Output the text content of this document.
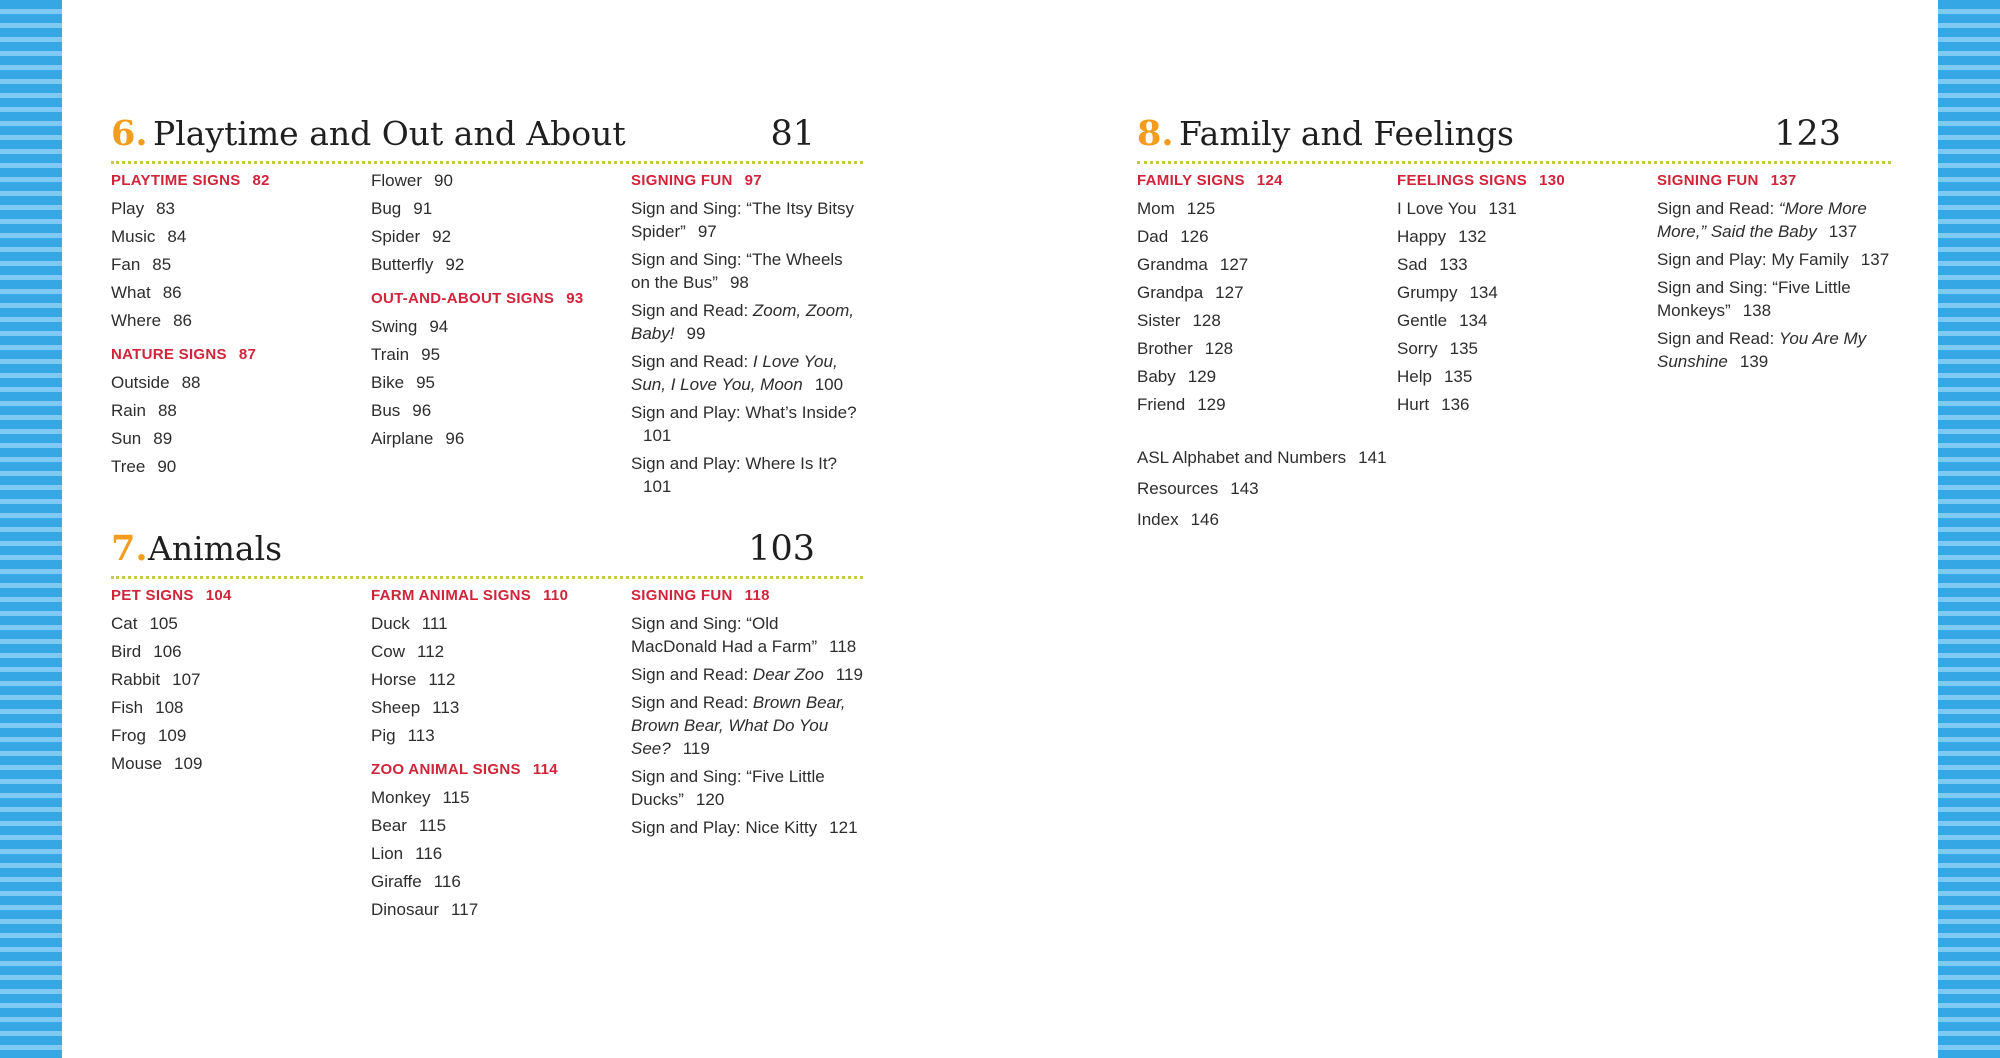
6. Playtime and Out and About	81
PLAYTIME SIGNS 82
Play 83
Music 84
Fan 85
What 86
Where 86
NATURE SIGNS 87
Outside 88
Rain 88
Sun 89
Tree 90
Flower 90
Bug 91
Spider 92
Butterfly 92
OUT-AND-ABOUT SIGNS 93
Swing 94
Train 95
Bike 95
Bus 96
Airplane 96
SIGNING FUN 97
Sign and Sing: “The Itsy Bitsy Spider” 97
Sign and Sing: “The Wheels on the Bus” 98
Sign and Read: Zoom, Zoom, Baby! 99
Sign and Read: I Love You, Sun, I Love You, Moon 100
Sign and Play: What’s Inside?101
Sign and Play: Where Is It?101
7. Animals	103
PET SIGNS 104
Cat 105
Bird 106
Rabbit 107
Fish 108
Frog 109
Mouse 109
FARM ANIMAL SIGNS 110
Duck 111
Cow 112
Horse 112
Sheep 113
Pig 113
ZOO ANIMAL SIGNS 114
Monkey 115
Bear 115
Lion 116
Giraffe 116
Dinosaur 117
SIGNING FUN 118
Sign and Sing: “Old MacDonald Had a Farm” 118
Sign and Read: Dear Zoo 119
Sign and Read: Brown Bear, Brown Bear, What Do You See? 119
Sign and Sing: “Five Little Ducks” 120
Sign and Play: Nice Kitty 121
8. Family and Feelings	123
FAMILY SIGNS 124
Mom 125
Dad 126
Grandma 127
Grandpa 127
Sister 128
Brother 128
Baby 129
Friend 129
FEELINGS SIGNS 130
I Love You 131
Happy 132
Sad 133
Grumpy 134
Gentle 134
Sorry 135
Help 135
Hurt 136
SIGNING FUN 137
Sign and Read: “More More More,” Said the Baby 137
Sign and Play: My Family 137
Sign and Sing: “Five Little Monkeys” 138
Sign and Read: You Are My Sunshine 139
ASL Alphabet and Numbers 141
Resources 143
Index 146
